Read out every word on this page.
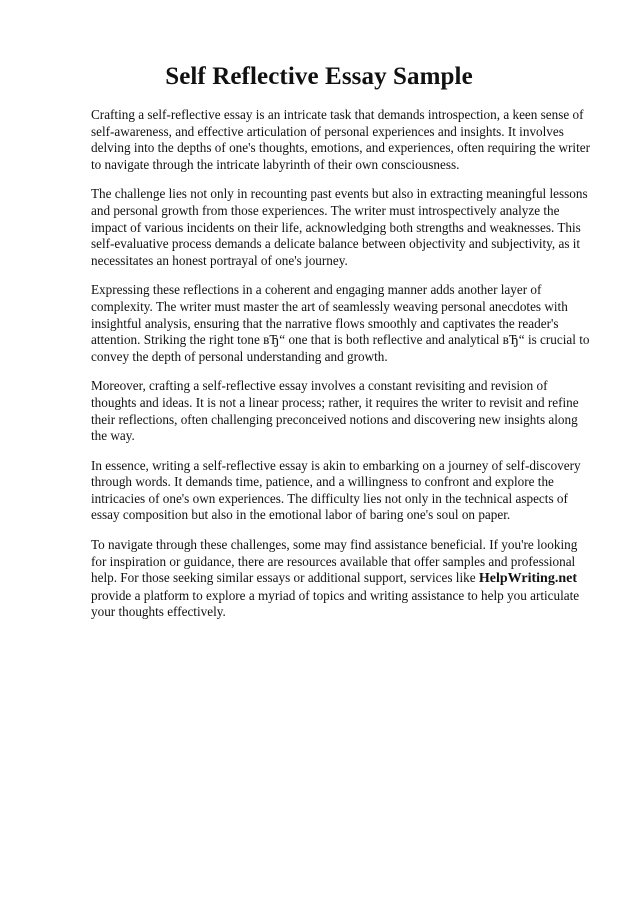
Self Reflective Essay Sample

Crafting a self-reflective essay is an intricate task that demands introspection, a keen sense of self-awareness, and effective articulation of personal experiences and insights. It involves delving into the depths of one's thoughts, emotions, and experiences, often requiring the writer to navigate through the intricate labyrinth of their own consciousness.

The challenge lies not only in recounting past events but also in extracting meaningful lessons and personal growth from those experiences. The writer must introspectively analyze the impact of various incidents on their life, acknowledging both strengths and weaknesses. This self-evaluative process demands a delicate balance between objectivity and subjectivity, as it necessitates an honest portrayal of one's journey.

Expressing these reflections in a coherent and engaging manner adds another layer of complexity. The writer must master the art of seamlessly weaving personal anecdotes with insightful analysis, ensuring that the narrative flows smoothly and captivates the reader's attention. Striking the right tone вЂ“ one that is both reflective and analytical вЂ“ is crucial to convey the depth of personal understanding and growth.

Moreover, crafting a self-reflective essay involves a constant revisiting and revision of thoughts and ideas. It is not a linear process; rather, it requires the writer to revisit and refine their reflections, often challenging preconceived notions and discovering new insights along the way.

In essence, writing a self-reflective essay is akin to embarking on a journey of self-discovery through words. It demands time, patience, and a willingness to confront and explore the intricacies of one's own experiences. The difficulty lies not only in the technical aspects of essay composition but also in the emotional labor of baring one's soul on paper.

To navigate through these challenges, some may find assistance beneficial. If you're looking for inspiration or guidance, there are resources available that offer samples and professional help. For those seeking similar essays or additional support, services like HelpWriting.net provide a platform to explore a myriad of topics and writing assistance to help you articulate your thoughts effectively.
